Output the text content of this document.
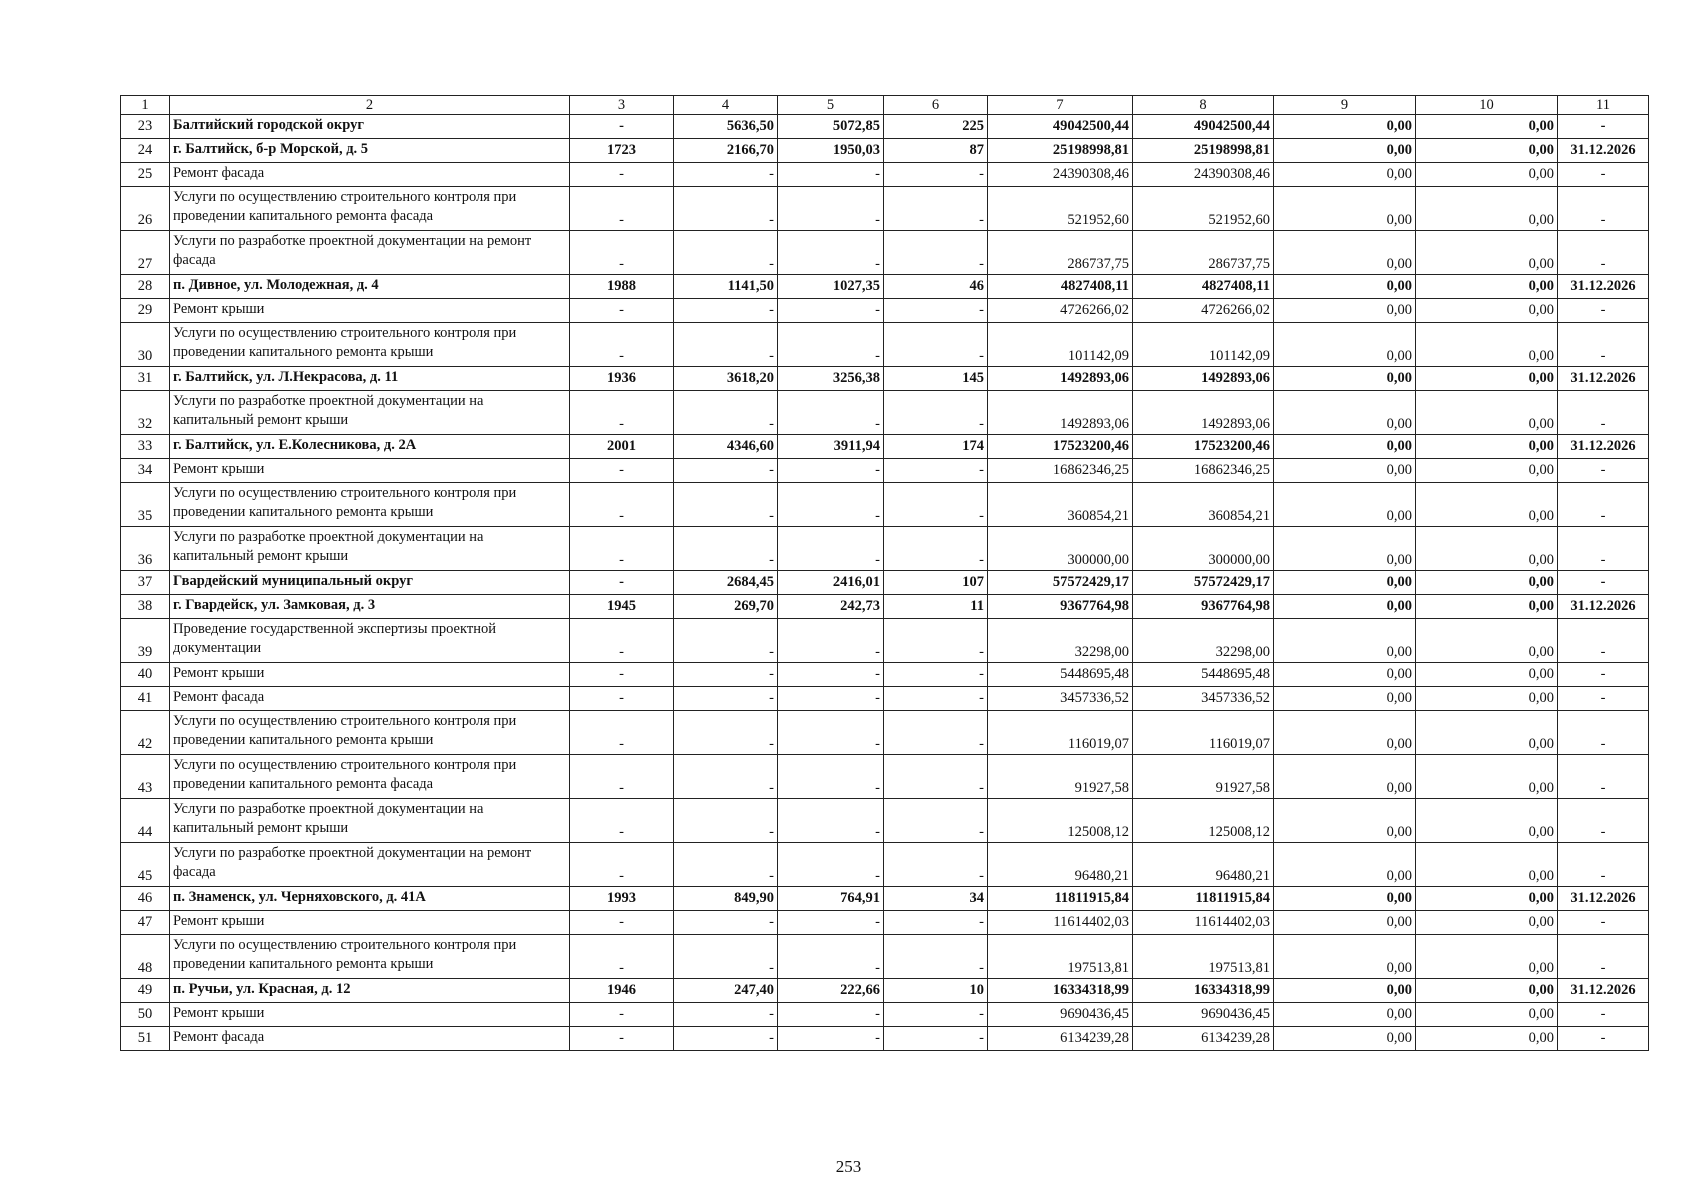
1	2	3	4	5	6	7	8	9	10	11
23	Балтийский городской округ	-	5636,50	5072,85	225	49042500,44	49042500,44	0,00	0,00	-
24	г. Балтийск, б-р Морской, д. 5	1723	2166,70	1950,03	87	25198998,81	25198998,81	0,00	0,00	31.12.2026
25	Ремонт фасада	-	-	-	-	24390308,46	24390308,46	0,00	0,00	-
26	Услуги по осуществлению строительного контроля при проведении капитального ремонта фасада	-	-	-	-	521952,60	521952,60	0,00	0,00	-
27	Услуги по разработке проектной документации на ремонт фасада	-	-	-	-	286737,75	286737,75	0,00	0,00	-
28	п. Дивное, ул. Молодежная, д. 4	1988	1141,50	1027,35	46	4827408,11	4827408,11	0,00	0,00	31.12.2026
29	Ремонт крыши	-	-	-	-	4726266,02	4726266,02	0,00	0,00	-
30	Услуги по осуществлению строительного контроля при проведении капитального ремонта крыши	-	-	-	-	101142,09	101142,09	0,00	0,00	-
31	г. Балтийск, ул. Л.Некрасова, д. 11	1936	3618,20	3256,38	145	1492893,06	1492893,06	0,00	0,00	31.12.2026
32	Услуги по разработке проектной документации на капитальный ремонт крыши	-	-	-	-	1492893,06	1492893,06	0,00	0,00	-
33	г. Балтийск, ул. Е.Колесникова, д. 2А	2001	4346,60	3911,94	174	17523200,46	17523200,46	0,00	0,00	31.12.2026
34	Ремонт крыши	-	-	-	-	16862346,25	16862346,25	0,00	0,00	-
35	Услуги по осуществлению строительного контроля при проведении капитального ремонта крыши	-	-	-	-	360854,21	360854,21	0,00	0,00	-
36	Услуги по разработке проектной документации на капитальный ремонт крыши	-	-	-	-	300000,00	300000,00	0,00	0,00	-
37	Гвардейский муниципальный округ	-	2684,45	2416,01	107	57572429,17	57572429,17	0,00	0,00	-
38	г. Гвардейск, ул. Замковая, д. 3	1945	269,70	242,73	11	9367764,98	9367764,98	0,00	0,00	31.12.2026
39	Проведение государственной экспертизы проектной документации	-	-	-	-	32298,00	32298,00	0,00	0,00	-
40	Ремонт крыши	-	-	-	-	5448695,48	5448695,48	0,00	0,00	-
41	Ремонт фасада	-	-	-	-	3457336,52	3457336,52	0,00	0,00	-
42	Услуги по осуществлению строительного контроля при проведении капитального ремонта крыши	-	-	-	-	116019,07	116019,07	0,00	0,00	-
43	Услуги по осуществлению строительного контроля при проведении капитального ремонта фасада	-	-	-	-	91927,58	91927,58	0,00	0,00	-
44	Услуги по разработке проектной документации на капитальный ремонт крыши	-	-	-	-	125008,12	125008,12	0,00	0,00	-
45	Услуги по разработке проектной документации на ремонт фасада	-	-	-	-	96480,21	96480,21	0,00	0,00	-
46	п. Знаменск, ул. Черняховского, д. 41А	1993	849,90	764,91	34	11811915,84	11811915,84	0,00	0,00	31.12.2026
47	Ремонт крыши	-	-	-	-	11614402,03	11614402,03	0,00	0,00	-
48	Услуги по осуществлению строительного контроля при проведении капитального ремонта крыши	-	-	-	-	197513,81	197513,81	0,00	0,00	-
49	п. Ручьи, ул. Красная, д. 12	1946	247,40	222,66	10	16334318,99	16334318,99	0,00	0,00	31.12.2026
50	Ремонт крыши	-	-	-	-	9690436,45	9690436,45	0,00	0,00	-
51	Ремонт фасада	-	-	-	-	6134239,28	6134239,28	0,00	0,00	-
253
